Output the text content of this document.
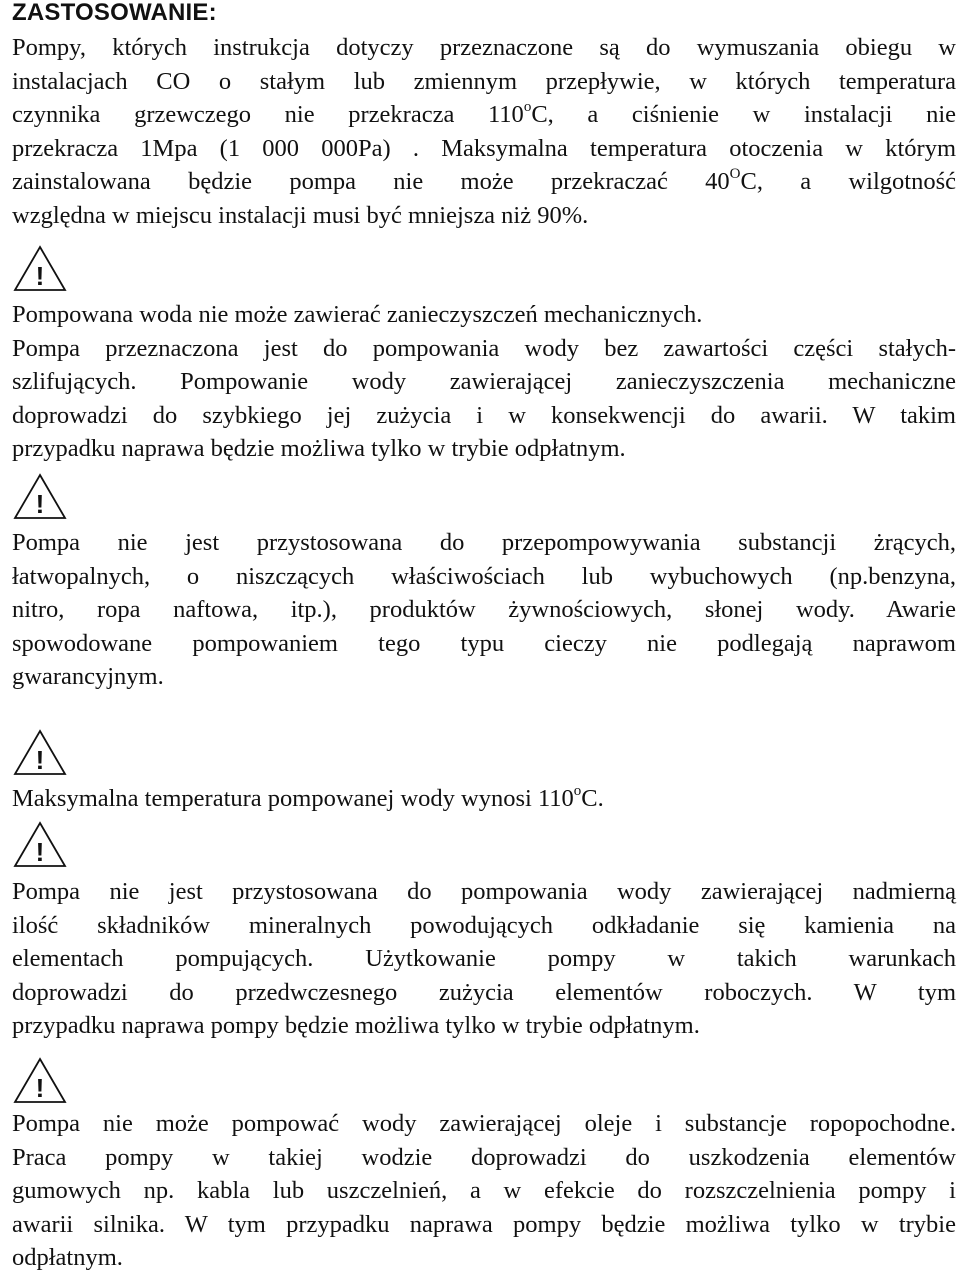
ZASTOSOWANIE:
Pompy, których instrukcja dotyczy przeznaczone są do wymuszania obiegu w
instalacjach CO o stałym lub zmiennym przepływie, w których temperatura
czynnika grzewczego nie przekracza 110$^o$C, a ciśnienie w instalacji nie
przekracza 1Mpa (1 000 000Pa) . Maksymalna temperatura otoczenia w którym
zainstalowana będzie pompa nie może przekraczać $40^OC$, a wilgotność
względna w miejscu instalacji musi być mniejsza niż 90%.
!
Pompowana woda nie może zawierać zanieczyszczeń mechanicznych.
Pompa przeznaczona jest do pompowania wody bez zawartości części stałych-
szlifujących. Pompowanie wody zawierającej zanieczyszczenia mechaniczne
doprowadzi do szybkiego jej zużycia i w konsekwencji do awarii. W takim
przypadku naprawa będzie możliwa tylko w trybie odpłatnym.
!
Pompa nie jest przystosowana do przepompowywania substancji żrących,
łatwopalnych, o niszczących właściwościach lub wybuchowych (np.benzyna,
nitro, ropa naftowa, itp.), produktów żywnościowych, słonej wody. Awarie
spowodowane pompowaniem tego typu cieczy nie podlegają naprawom
gwarancyjnym.
!
Maksymalna temperatura pompowanej wody wynosi 110$^o$C.
!
Pompa nie jest przystosowana do pompowania wody zawierającej nadmierną
ilość składników mineralnych powodujących odkładanie się kamienia na
elementach pompujących. Użytkowanie pompy w takich warunkach
doprowadzi do przedwczesnego zużycia elementów roboczych. W tym
przypadku naprawa pompy będzie możliwa tylko w trybie odpłatnym.
!
Pompa nie może pompować wody zawierającej oleje i substancje ropopochodne.
Praca pompy w takiej wodzie doprowadzi do uszkodzenia elementów
gumowych np. kabla lub uszczelnień, a w efekcie do rozszczelnienia pompy i
awarii silnika. W tym przypadku naprawa pompy będzie możliwa tylko w trybie
odpłatnym.
